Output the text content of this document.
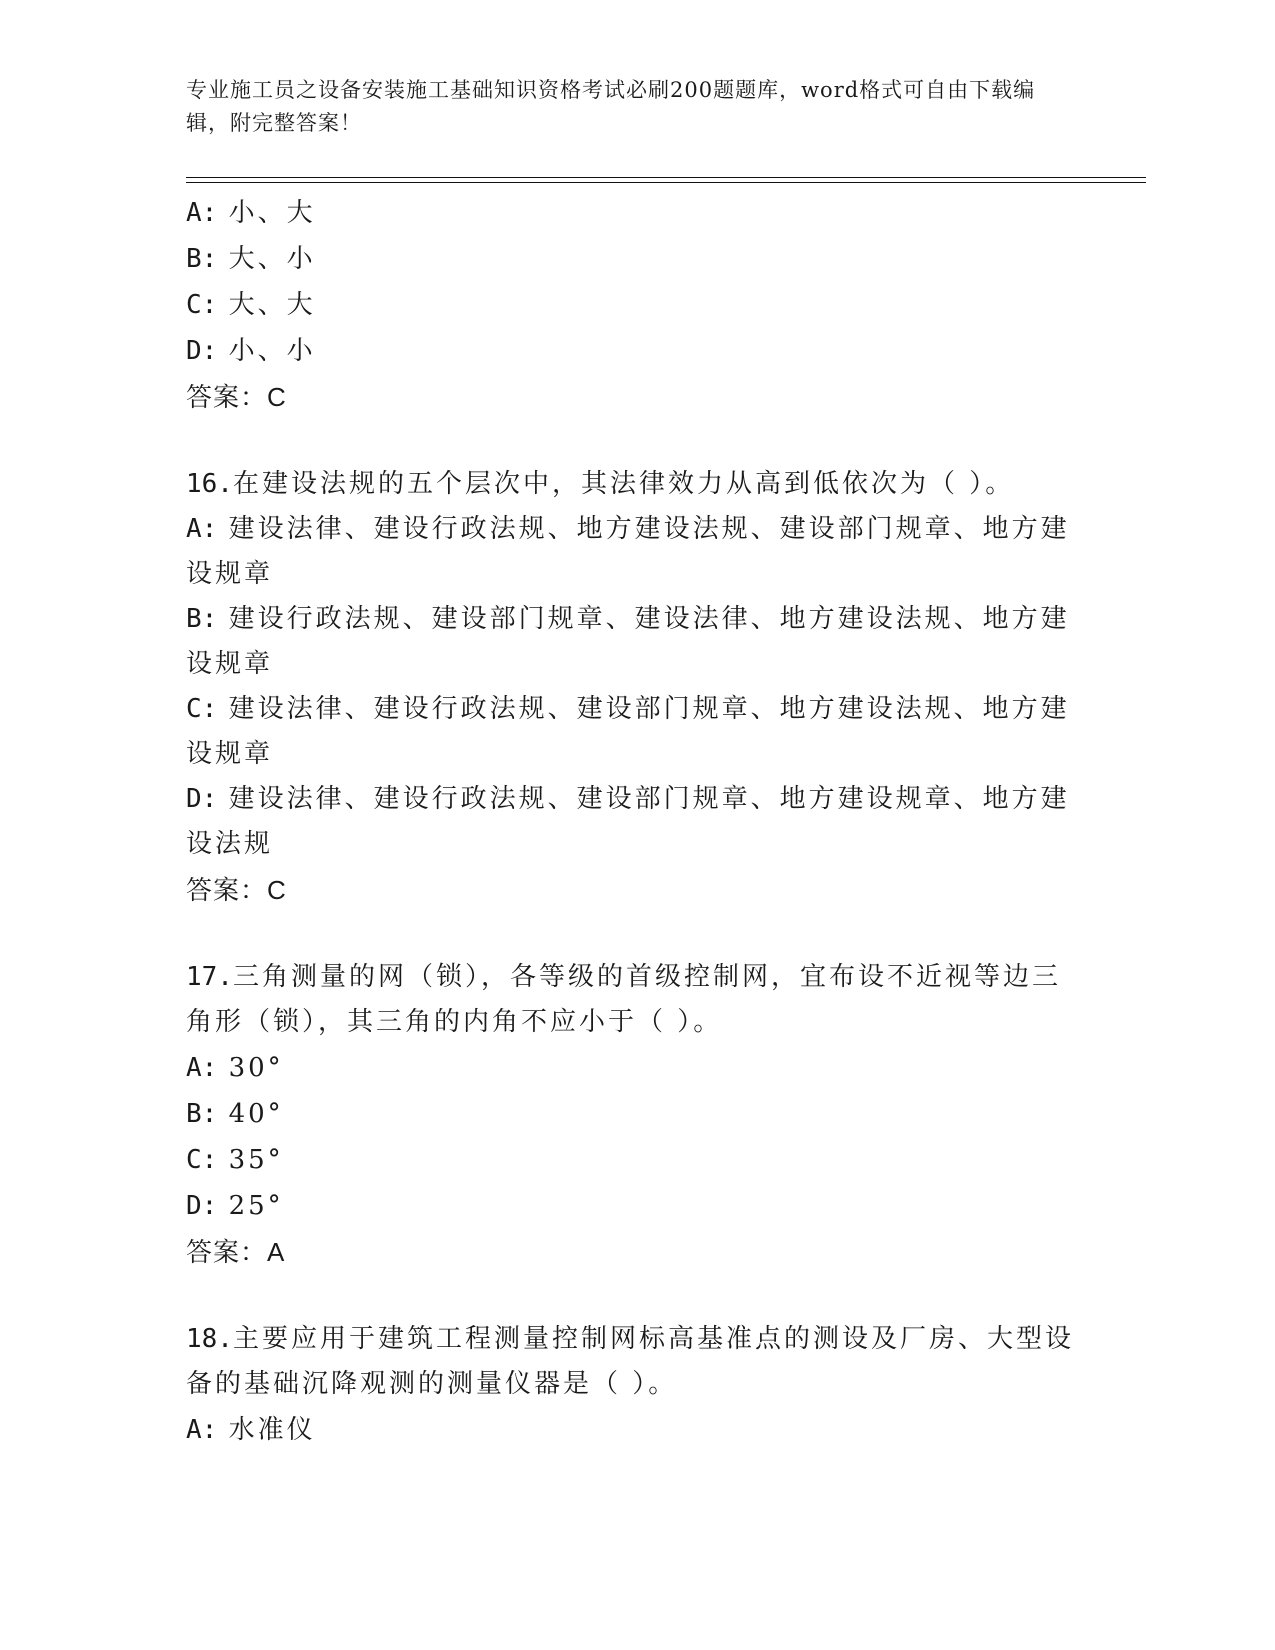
专业施工员之设备安装施工基础知识资格考试必刷200题题库，word格式可自由下载编辑，附完整答案！
A: 小、大
B: 大、小
C: 大、大
D: 小、小
答案：C
16.在建设法规的五个层次中，其法律效力从高到低依次为（ ）。
A: 建设法律、建设行政法规、地方建设法规、建设部门规章、地方建设规章
B: 建设行政法规、建设部门规章、建设法律、地方建设法规、地方建设规章
C: 建设法律、建设行政法规、建设部门规章、地方建设法规、地方建设规章
D: 建设法律、建设行政法规、建设部门规章、地方建设规章、地方建设法规
答案：C
17.三角测量的网（锁），各等级的首级控制网，宜布设不近视等边三角形（锁），其三角的内角不应小于（ ）。
A: 30°
B: 40°
C: 35°
D: 25°
答案：A
18.主要应用于建筑工程测量控制网标高基准点的测设及厂房、大型设备的基础沉降观测的测量仪器是（ ）。
A: 水准仪
